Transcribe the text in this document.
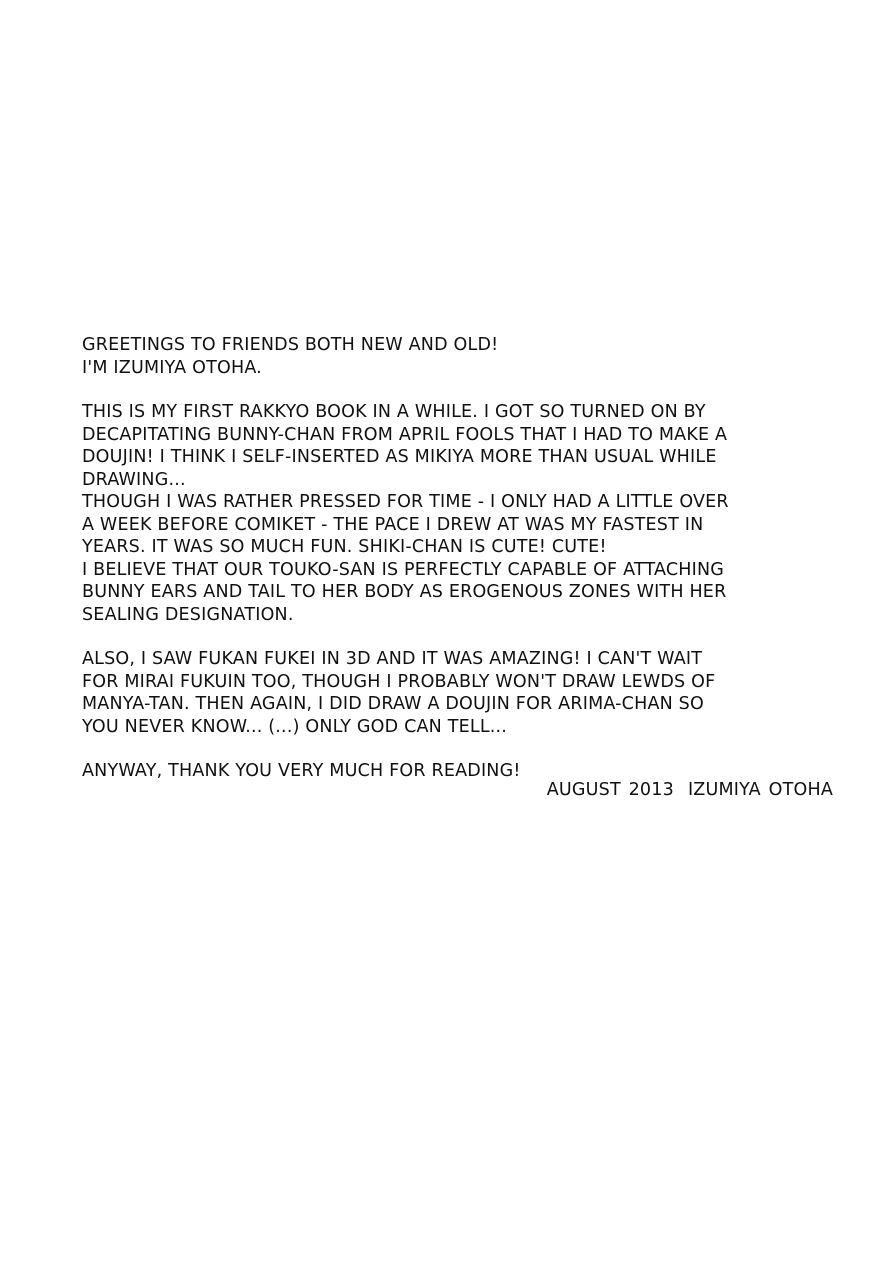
GREETINGS TO FRIENDS BOTH NEW AND OLD!
I'M IZUMIYA OTOHA.
THIS IS MY FIRST RAKKYO BOOK IN A WHILE. I GOT SO TURNED ON BY
DECAPITATING BUNNY-CHAN FROM APRIL FOOLS THAT I HAD TO MAKE A
DOUJIN! I THINK I SELF-INSERTED AS MIKIYA MORE THAN USUAL WHILE
DRAWING...
THOUGH I WAS RATHER PRESSED FOR TIME - I ONLY HAD A LITTLE OVER
A WEEK BEFORE COMIKET - THE PACE I DREW AT WAS MY FASTEST IN
YEARS. IT WAS SO MUCH FUN. SHIKI-CHAN IS CUTE! CUTE!
I BELIEVE THAT OUR TOUKO-SAN IS PERFECTLY CAPABLE OF ATTACHING
BUNNY EARS AND TAIL TO HER BODY AS EROGENOUS ZONES WITH HER
SEALING DESIGNATION.
ALSO, I SAW FUKAN FUKEI IN 3D AND IT WAS AMAZING! I CAN'T WAIT
FOR MIRAI FUKUIN TOO, THOUGH I PROBABLY WON'T DRAW LEWDS OF
MANYA-TAN. THEN AGAIN, I DID DRAW A DOUJIN FOR ARIMA-CHAN SO
YOU NEVER KNOW... (...) ONLY GOD CAN TELL...
ANYWAY, THANK YOU VERY MUCH FOR READING!
AUGUST 2013 IZUMIYA OTOHA
